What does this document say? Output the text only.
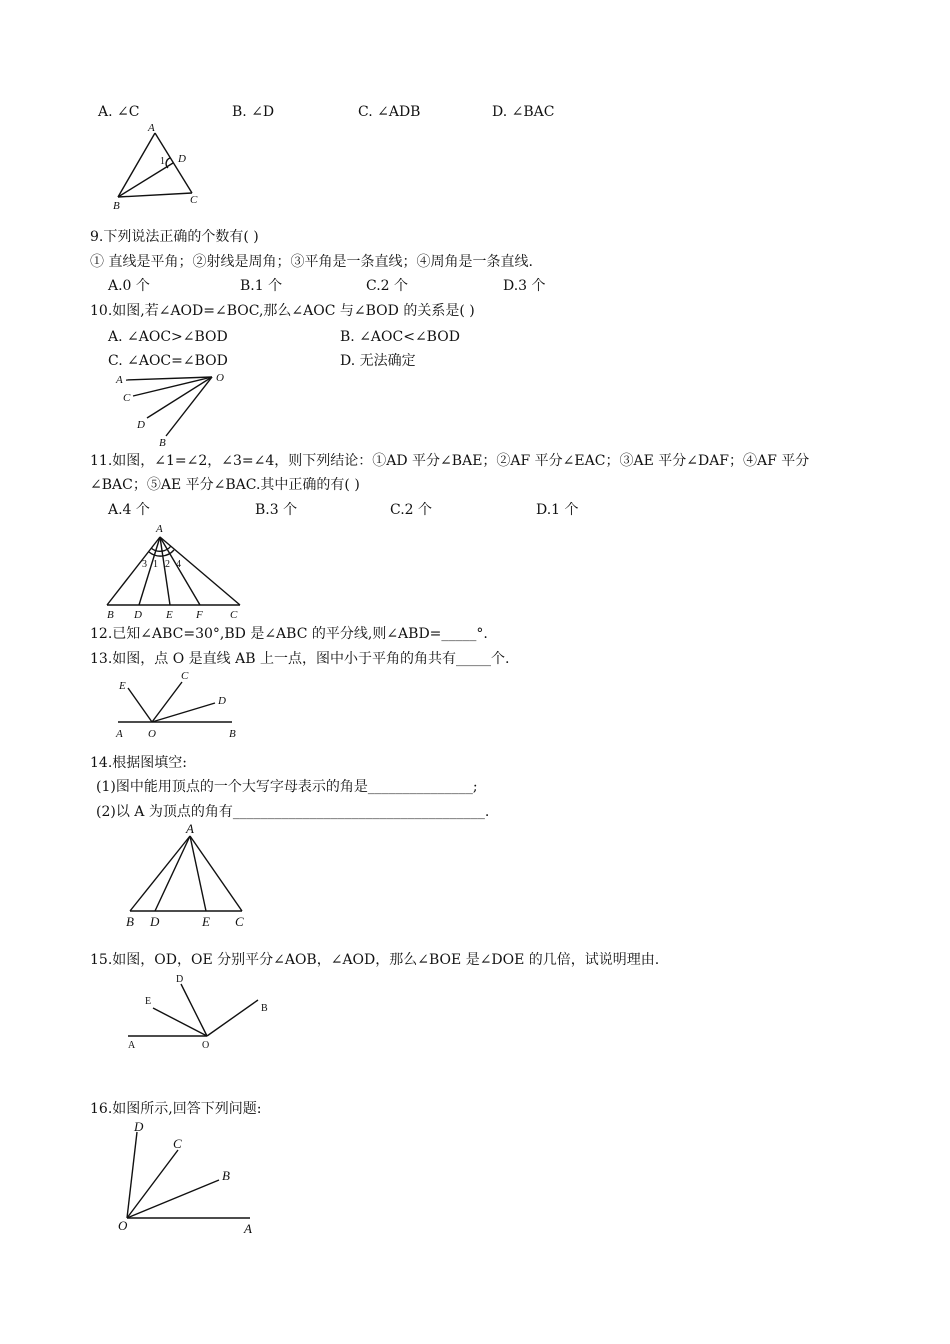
A. ∠C	B. ∠D	C. ∠ADB	D. ∠BAC
A
B	C
D
1
9.下列说法正确的个数有( )
① 直线是平角；②射线是周角；③平角是一条直线；④周角是一条直线.
A.0 个	B.1 个	C.2 个	D.3 个
10.如图,若∠AOD=∠BOC,那么∠AOC 与∠BOD 的关系是( )
A. ∠AOC>∠BOD	B. ∠AOC<∠BOD
C. ∠AOC=∠BOD	D. 无法确定
A	O
C
D
B
11.如图，∠1=∠2，∠3=∠4，则下列结论：①AD 平分∠BAE；②AF 平分∠EAC；③AE 平分∠DAF；④AF 平分
∠BAC；⑤AE 平分∠BAC.其中正确的有( )
A.4 个	B.3 个	C.2 个	D.1 个
A
B D E F C
3 1 2 4
12.已知∠ABC=30°,BD 是∠ABC 的平分线,则∠ABD=_____°.
13.如图，点 O 是直线 AB 上一点，图中小于平角的角共有_____个.
E
C
D
A O	B
14.根据图填空:
(1)图中能用顶点的一个大写字母表示的角是_______________;
(2)以 A 为顶点的角有____________________________________.
A
B D	E C
15.如图，OD，OE 分别平分∠AOB，∠AOD，那么∠BOE 是∠DOE 的几倍，试说明理由.
D
E
B
A	O
16.如图所示,回答下列问题:
D
C
B
O	A
